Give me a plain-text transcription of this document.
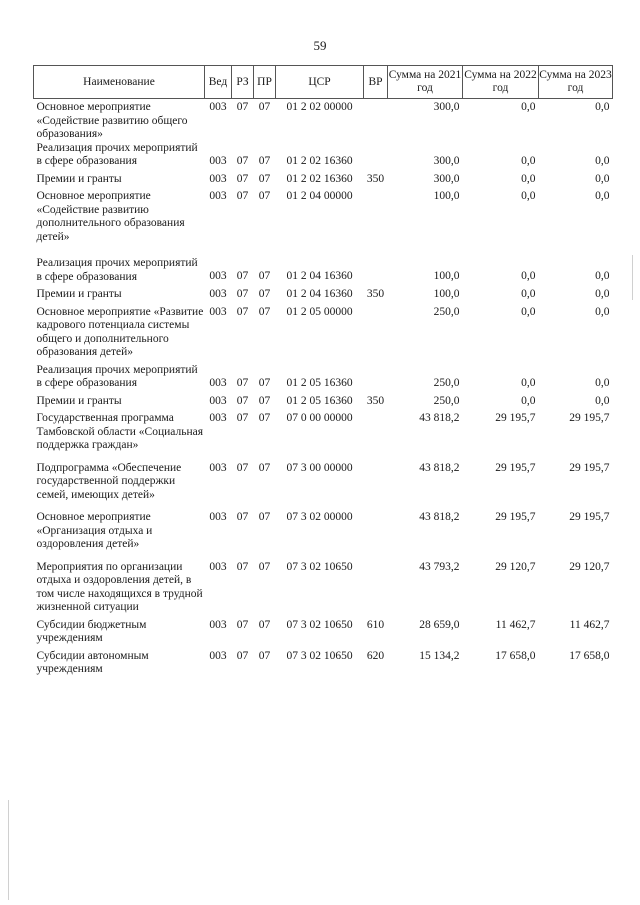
59
Наименование	Вед	РЗ	ПР	ЦСР	ВР	Сумма на 2021 год	Сумма на 2022 год	Сумма на 2023 год
Основное мероприятие «Содействие развитию общего образования»	003	07	07	01 2 02 00000		300,0	0,0	0,0
Реализация прочих мероприятий в сфере образования	003	07	07	01 2 02 16360		300,0	0,0	0,0
Премии и гранты	003	07	07	01 2 02 16360	350	300,0	0,0	0,0
Основное мероприятие «Содействие развитию дополнительного образования детей»	003	07	07	01 2 04 00000		100,0	0,0	0,0
Реализация прочих мероприятий в сфере образования	003	07	07	01 2 04 16360		100,0	0,0	0,0
Премии и гранты	003	07	07	01 2 04 16360	350	100,0	0,0	0,0
Основное мероприятие «Развитие кадрового потенциала системы общего и дополнительного образования детей»	003	07	07	01 2 05 00000		250,0	0,0	0,0
Реализация прочих мероприятий в сфере образования	003	07	07	01 2 05 16360		250,0	0,0	0,0
Премии и гранты	003	07	07	01 2 05 16360	350	250,0	0,0	0,0
Государственная программа Тамбовской области «Социальная поддержка граждан»	003	07	07	07 0 00 00000		43 818,2	29 195,7	29 195,7
Подпрограмма «Обеспечение государственной поддержки семей, имеющих детей»	003	07	07	07 3 00 00000		43 818,2	29 195,7	29 195,7
Основное мероприятие «Организация отдыха и оздоровления детей»	003	07	07	07 3 02 00000		43 818,2	29 195,7	29 195,7
Мероприятия по организации отдыха и оздоровления детей, в том числе находящихся в трудной жизненной ситуации	003	07	07	07 3 02 10650		43 793,2	29 120,7	29 120,7
Субсидии бюджетным учреждениям	003	07	07	07 3 02 10650	610	28 659,0	11 462,7	11 462,7
Субсидии автономным учреждениям	003	07	07	07 3 02 10650	620	15 134,2	17 658,0	17 658,0
